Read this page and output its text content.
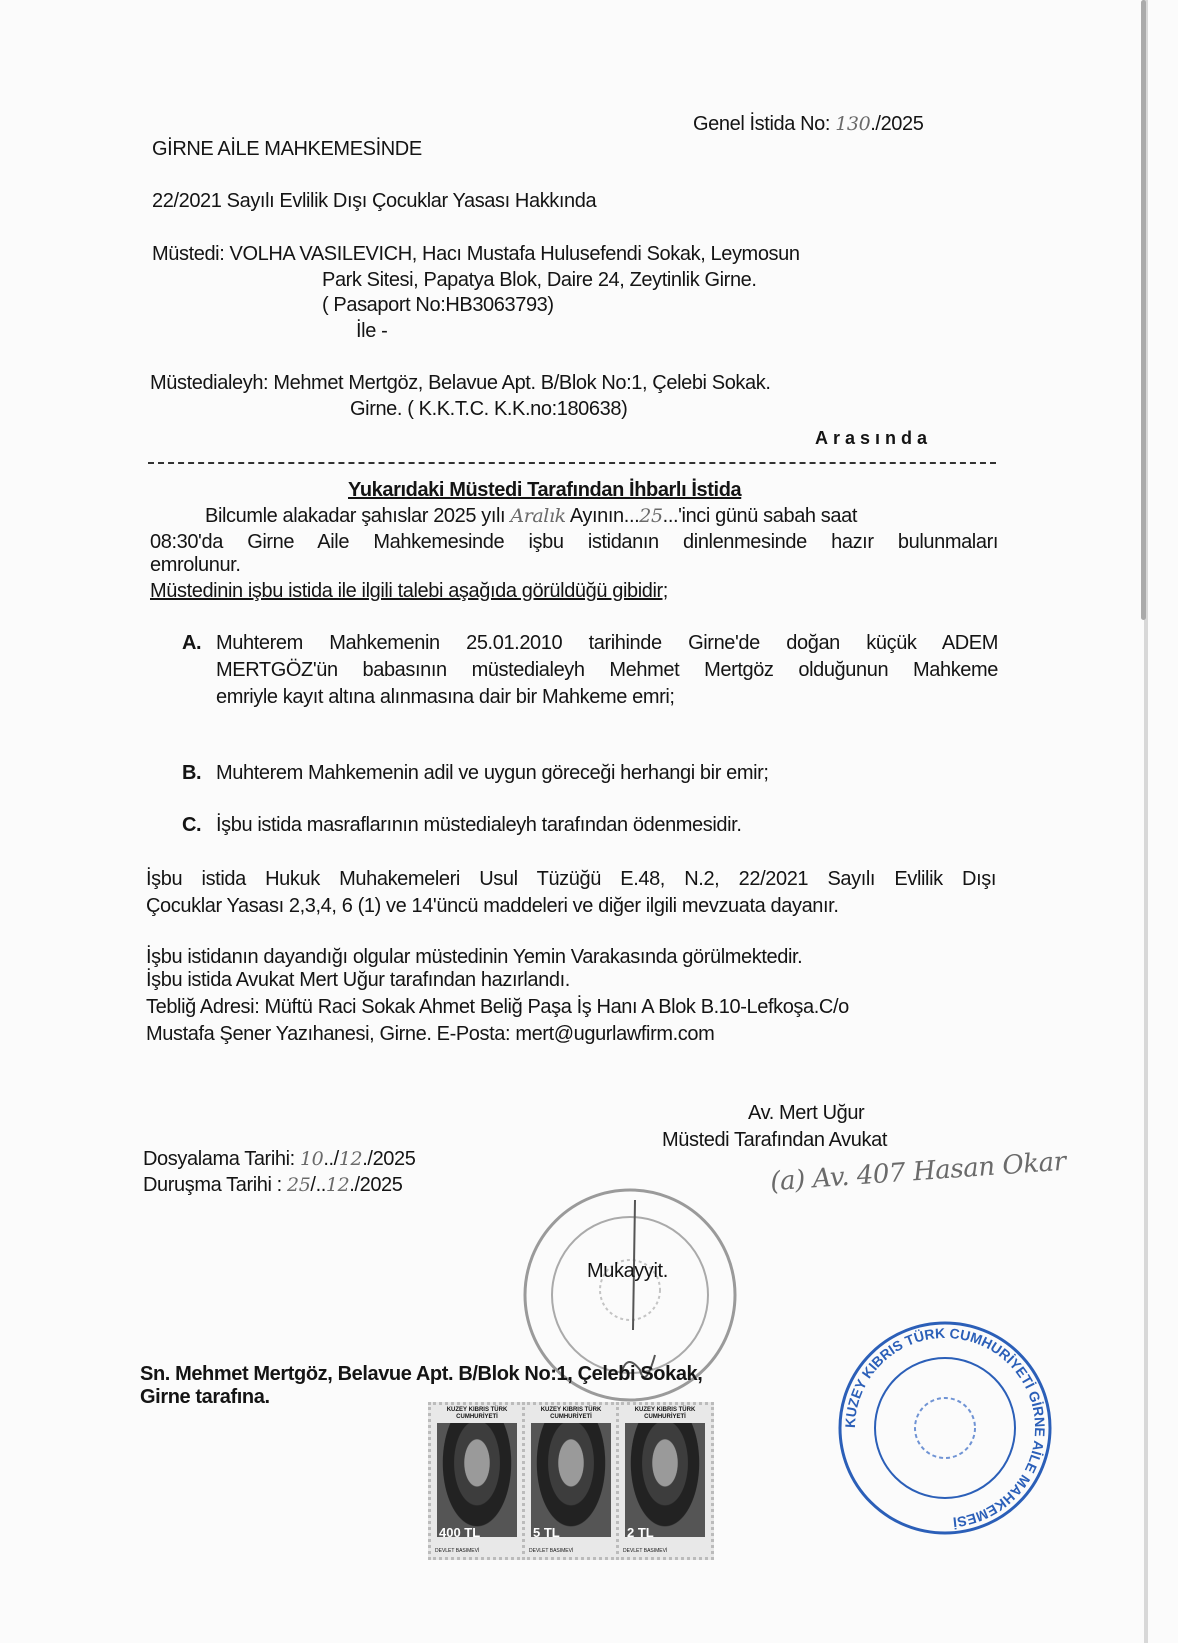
Genel İstida No: 130./2025
GİRNE AİLE MAHKEMESİNDE
22/2021 Sayılı Evlilik Dışı Çocuklar Yasası Hakkında
Müstedi: VOLHA VASILEVICH, Hacı Mustafa Hulusefendi Sokak, Leymosun
Park Sitesi, Papatya Blok, Daire 24, Zeytinlik Girne.
( Pasaport No:HB3063793)
İle -
Müstedialeyh: Mehmet Mertgöz, Belavue Apt. B/Blok No:1, Çelebi Sokak.
Girne. ( K.K.T.C. K.K.no:180638)
Arasında
Yukarıdaki Müstedi Tarafından İhbarlı İstida
Bilcumle alakadar şahıslar 2025 yılı Aralık Ayının...25...'inci günü sabah saat
08:30'da Girne Aile Mahkemesinde işbu istidanın dinlenmesinde hazır bulunmaları
emrolunur.
Müstedinin işbu istida ile ilgili talebi aşağıda görüldüğü gibidir;
A. Muhterem Mahkemenin 25.01.2010 tarihinde Girne'de doğan küçük ADEM
MERTGÖZ'ün babasının müstedialeyh Mehmet Mertgöz olduğunun Mahkeme
emriyle kayıt altına alınmasına dair bir Mahkeme emri;
B. Muhterem Mahkemenin adil ve uygun göreceği herhangi bir emir;
C. İşbu istida masraflarının müstedialeyh tarafından ödenmesidir.
İşbu istida Hukuk Muhakemeleri Usul Tüzüğü E.48, N.2, 22/2021 Sayılı Evlilik Dışı
Çocuklar Yasası 2,3,4, 6 (1) ve 14'üncü maddeleri ve diğer ilgili mevzuata dayanır.
İşbu istidanın dayandığı olgular müstedinin Yemin Varakasında görülmektedir.
İşbu istida Avukat Mert Uğur tarafından hazırlandı.
Tebliğ Adresi: Müftü Raci Sokak Ahmet Beliğ Paşa İş Hanı A Blok B.10-Lefkoşa.C/o
Mustafa Şener Yazıhanesi, Girne. E-Posta: mert@ugurlawfirm.com
Av. Mert Uğur
Müstedi Tarafından Avukat
(a) Av. 407 Hasan Okar
Dosyalama Tarihi: 10../12./2025
Duruşma Tarihi : 25/..12./2025
Mukayyit.
Sn. Mehmet Mertgöz, Belavue Apt. B/Blok No:1, Çelebi Sokak,
Girne tarafına.
KUZEY KIBRIS TÜRK CUMHURİYETİ
400 TL
DEVLET BASIMEVİ
KUZEY KIBRIS TÜRK CUMHURİYETİ
5 TL
DEVLET BASIMEVİ
KUZEY KIBRIS TÜRK CUMHURİYETİ
2 TL
DEVLET BASIMEVİ
KUZEY KIBRIS TÜRK CUMHURİYETİ GİRNE AİLE MAHKEMESİ
